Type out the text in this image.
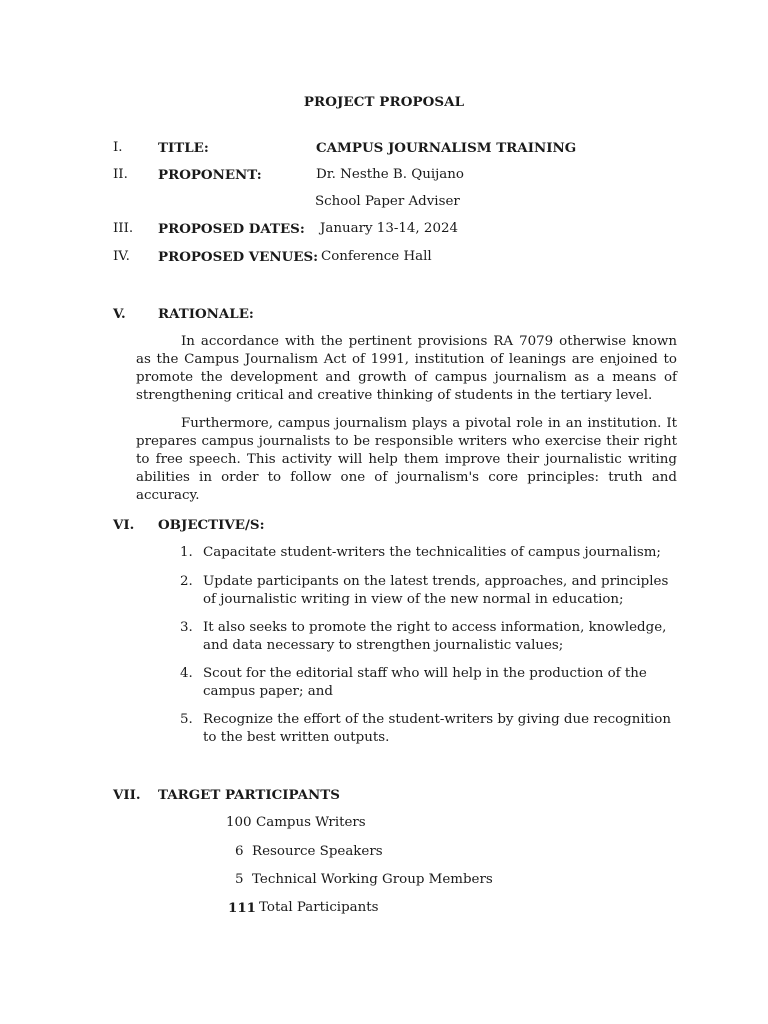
PROJECT PROPOSAL
I.	TITLE:	CAMPUS JOURNALISM TRAINING
II. PROPONENT:	Dr. Nesthe B. Quijano
School Paper Adviser
III. PROPOSED DATES: January 13-14, 2024
IV. PROPOSED VENUES: Conference Hall
V. RATIONALE:

In accordance with the pertinent provisions RA 7079 otherwise known as the Campus Journalism Act of 1991, institution of leanings are enjoined to promote the development and growth of campus journalism as a means of strengthening critical and creative thinking of students in the tertiary level.

Furthermore, campus journalism plays a pivotal role in an institution. It prepares campus journalists to be responsible writers who exercise their right to free speech. This activity will help them improve their journalistic writing abilities in order to follow one of journalism's core principles: truth and accuracy.

VI. OBJECTIVE/S:
1. Capacitate student-writers the technicalities of campus journalism;
2. Update participants on the latest trends, approaches, and principles of journalistic writing in view of the new normal in education;
3. It also seeks to promote the right to access information, knowledge, and data necessary to strengthen journalistic values;
4. Scout for the editorial staff who will help in the production of the campus paper; and
5. Recognize the effort of the student-writers by giving due recognition to the best written outputs.
VII. TARGET PARTICIPANTS
100 Campus Writers
6 Resource Speakers
5 Technical Working Group Members
111 Total Participants
